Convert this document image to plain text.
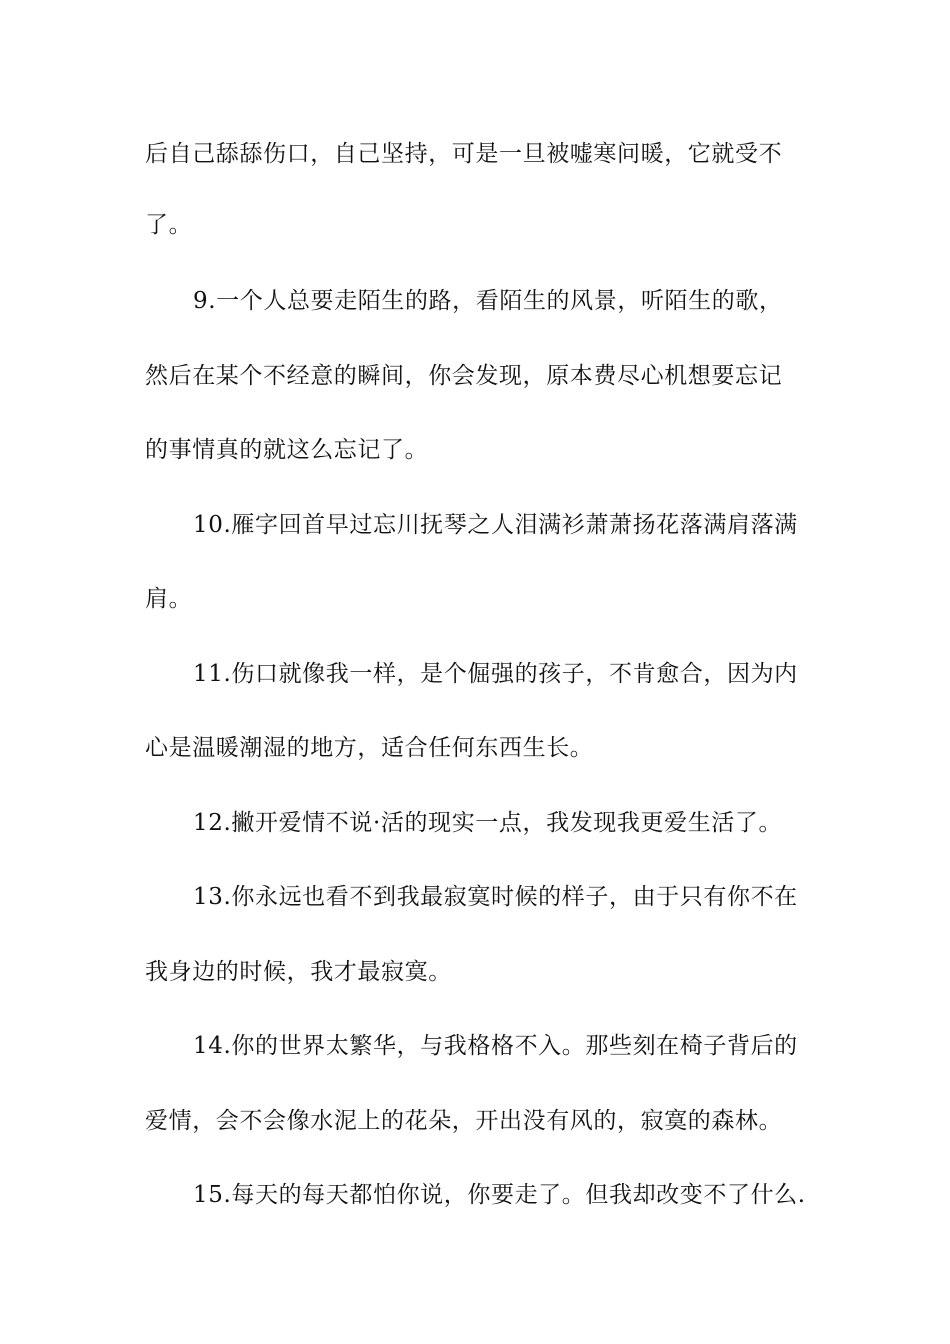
后自己舔舔伤口，自己坚持，可是一旦被嘘寒问暖，它就受不
了。
9.一个人总要走陌生的路，看陌生的风景，听陌生的歌，
然后在某个不经意的瞬间，你会发现，原本费尽心机想要忘记
的事情真的就这么忘记了。
10.雁字回首早过忘川抚琴之人泪满衫萧萧扬花落满肩落满
肩。
11.伤口就像我一样，是个倔强的孩子，不肯愈合，因为内
心是温暖潮湿的地方，适合任何东西生长。
12.撇开爱情不说·活的现实一点，我发现我更爱生活了。
13.你永远也看不到我最寂寞时候的样子，由于只有你不在
我身边的时候，我才最寂寞。
14.你的世界太繁华，与我格格不入。那些刻在椅子背后的
爱情，会不会像水泥上的花朵，开出没有风的，寂寞的森林。
15.每天的每天都怕你说，你要走了。但我却改变不了什么.
